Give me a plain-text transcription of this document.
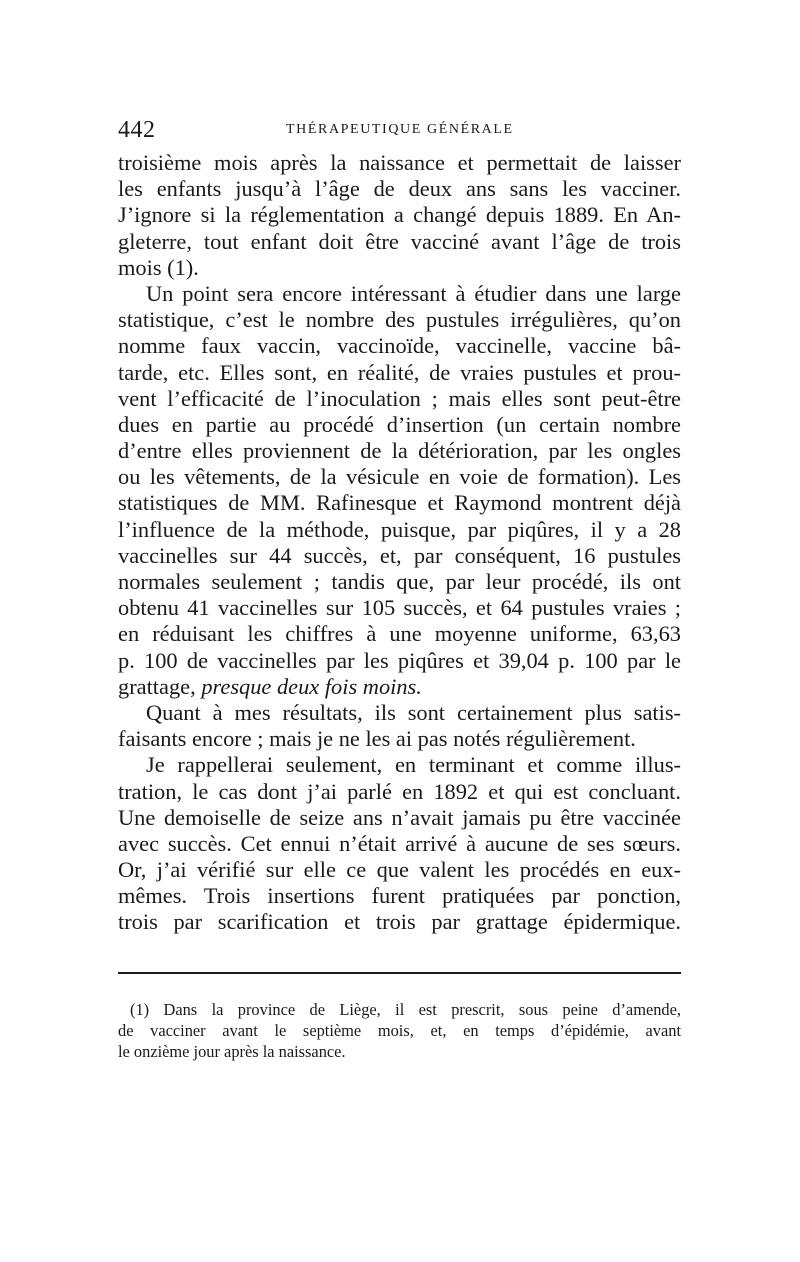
442	THÉRAPEUTIQUE GÉNÉRALE
troisième mois après la naissance et permettait de laisser
les enfants jusqu’à l’âge de deux ans sans les vacciner.
J’ignore si la réglementation a changé depuis 1889. En An-
gleterre, tout enfant doit être vacciné avant l’âge de trois
mois (1).
Un point sera encore intéressant à étudier dans une large
statistique, c’est le nombre des pustules irrégulières, qu’on
nomme faux vaccin, vaccinoïde, vaccinelle, vaccine bâ-
tarde, etc. Elles sont, en réalité, de vraies pustules et prou-
vent l’efficacité de l’inoculation ; mais elles sont peut-être
dues en partie au procédé d’insertion (un certain nombre
d’entre elles proviennent de la détérioration, par les ongles
ou les vêtements, de la vésicule en voie de formation). Les
statistiques de MM. Rafinesque et Raymond montrent déjà
l’influence de la méthode, puisque, par piqûres, il y a 28
vaccinelles sur 44 succès, et, par conséquent, 16 pustules
normales seulement ; tandis que, par leur procédé, ils ont
obtenu 41 vaccinelles sur 105 succès, et 64 pustules vraies ;
en réduisant les chiffres à une moyenne uniforme, 63,63
p. 100 de vaccinelles par les piqûres et 39,04 p. 100 par le
grattage, presque deux fois moins.
Quant à mes résultats, ils sont certainement plus satis-
faisants encore ; mais je ne les ai pas notés régulièrement.
Je rappellerai seulement, en terminant et comme illus-
tration, le cas dont j’ai parlé en 1892 et qui est concluant.
Une demoiselle de seize ans n’avait jamais pu être vaccinée
avec succès. Cet ennui n’était arrivé à aucune de ses sœurs.
Or, j’ai vérifié sur elle ce que valent les procédés en eux-
mêmes. Trois insertions furent pratiquées par ponction,
trois par scarification et trois par grattage épidermique.
(1) Dans la province de Liège, il est prescrit, sous peine d’amende,
de vacciner avant le septième mois, et, en temps d’épidémie, avant
le onzième jour après la naissance.
